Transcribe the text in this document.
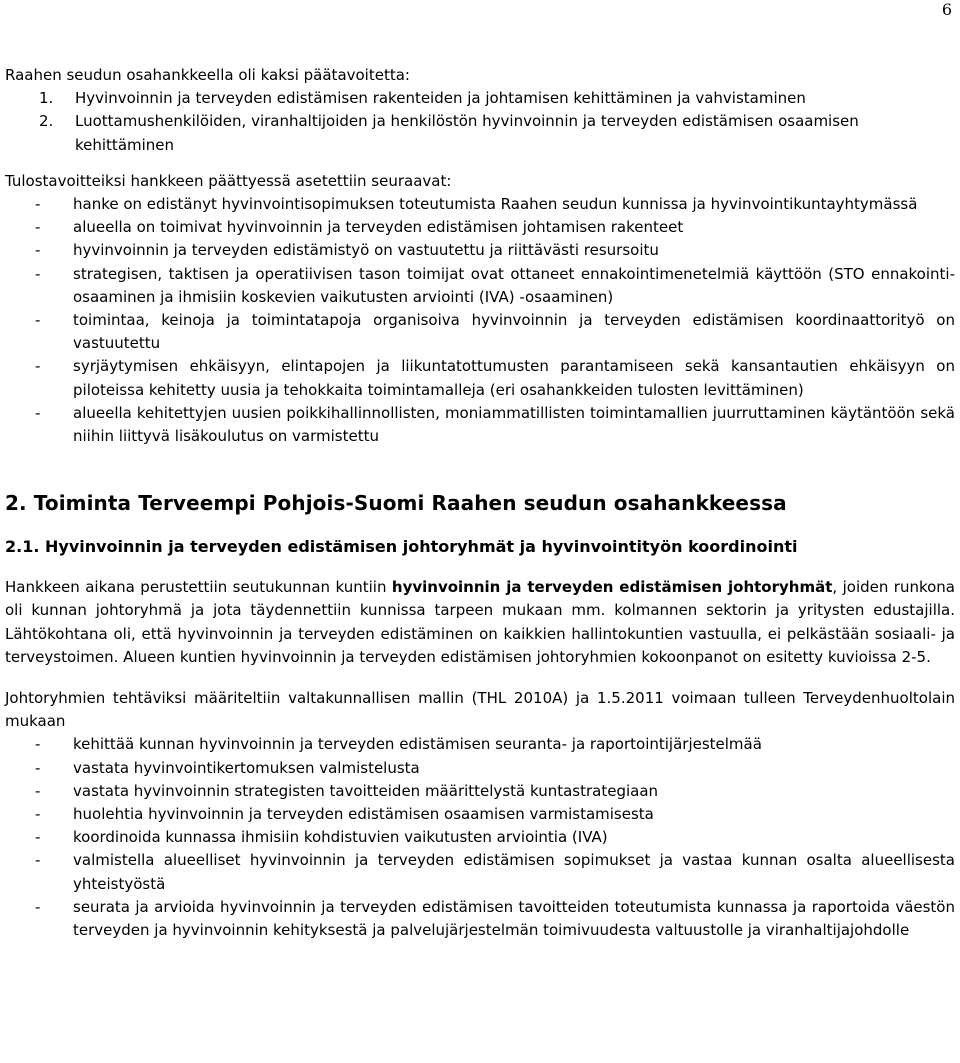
6

Raahen seudun osahankkeella oli kaksi päätavoitetta:

1.	Hyvinvoinnin ja terveyden edistämisen rakenteiden ja johtamisen kehittäminen ja vahvistaminen
2.	Luottamushenkilöiden, viranhaltijoiden ja henkilöstön hyvinvoinnin ja terveyden edistämisen osaamisen kehittäminen

Tulostavoitteiksi hankkeen päättyessä asetettiin seuraavat:

-	hanke on edistänyt hyvinvointisopimuksen toteutumista Raahen seudun kunnissa ja hyvinvointikuntayhtymässä
-	alueella on toimivat hyvinvoinnin ja terveyden edistämisen johtamisen rakenteet
-	hyvinvoinnin ja terveyden edistämistyö on vastuutettu ja riittävästi resursoitu
-	strategisen, taktisen ja operatiivisen tason toimijat ovat ottaneet ennakointimenetelmiä käyttöön (STO ennakointi-osaaminen ja ihmisiin koskevien vaikutusten arviointi (IVA) -osaaminen)
-	toimintaa, keinoja ja toimintatapoja organisoiva hyvinvoinnin ja terveyden edistämisen koordinaattorityö on vastuutettu
-	syrjäytymisen ehkäisyyn, elintapojen ja liikuntatottumusten parantamiseen sekä kansantautien ehkäisyyn on piloteissa kehitetty uusia ja tehokkaita toimintamalleja (eri osahankkeiden tulosten levittäminen)
-	alueella kehitettyjen uusien poikkihallinnollisten, moniammatillisten toimintamallien juurruttaminen käytäntöön sekä niihin liittyvä lisäkoulutus on varmistettu
2. Toiminta Terveempi Pohjois-Suomi Raahen seudun osahankkeessa
2.1. Hyvinvoinnin ja terveyden edistämisen johtoryhmät ja hyvinvointityön koordinointi

Hankkeen aikana perustettiin seutukunnan kuntiin hyvinvoinnin ja terveyden edistämisen johtoryhmät, joiden runkona oli kunnan johtoryhmä ja jota täydennettiin kunnissa tarpeen mukaan mm. kolmannen sektorin ja yritysten edustajilla. Lähtökohtana oli, että hyvinvoinnin ja terveyden edistäminen on kaikkien hallintokuntien vastuulla, ei pelkästään sosiaali- ja terveystoimen. Alueen kuntien hyvinvoinnin ja terveyden edistämisen johtoryhmien kokoonpanot on esitetty kuvioissa 2-5.

Johtoryhmien tehtäviksi määriteltiin valtakunnallisen mallin (THL 2010A) ja 1.5.2011 voimaan tulleen Terveydenhuoltolain mukaan

-	kehittää kunnan hyvinvoinnin ja terveyden edistämisen seuranta- ja raportointijärjestelmää
-	vastata hyvinvointikertomuksen valmistelusta
-	vastata hyvinvoinnin strategisten tavoitteiden määrittelystä kuntastrategiaan
-	huolehtia hyvinvoinnin ja terveyden edistämisen osaamisen varmistamisesta
-	koordinoida kunnassa ihmisiin kohdistuvien vaikutusten arviointia (IVA)
-	valmistella alueelliset hyvinvoinnin ja terveyden edistämisen sopimukset ja vastaa kunnan osalta alueellisesta yhteistyöstä
-	seurata ja arvioida hyvinvoinnin ja terveyden edistämisen tavoitteiden toteutumista kunnassa ja raportoida väestön terveyden ja hyvinvoinnin kehityksestä ja palvelujärjestelmän toimivuudesta valtuustolle ja viranhaltijajohdolle
